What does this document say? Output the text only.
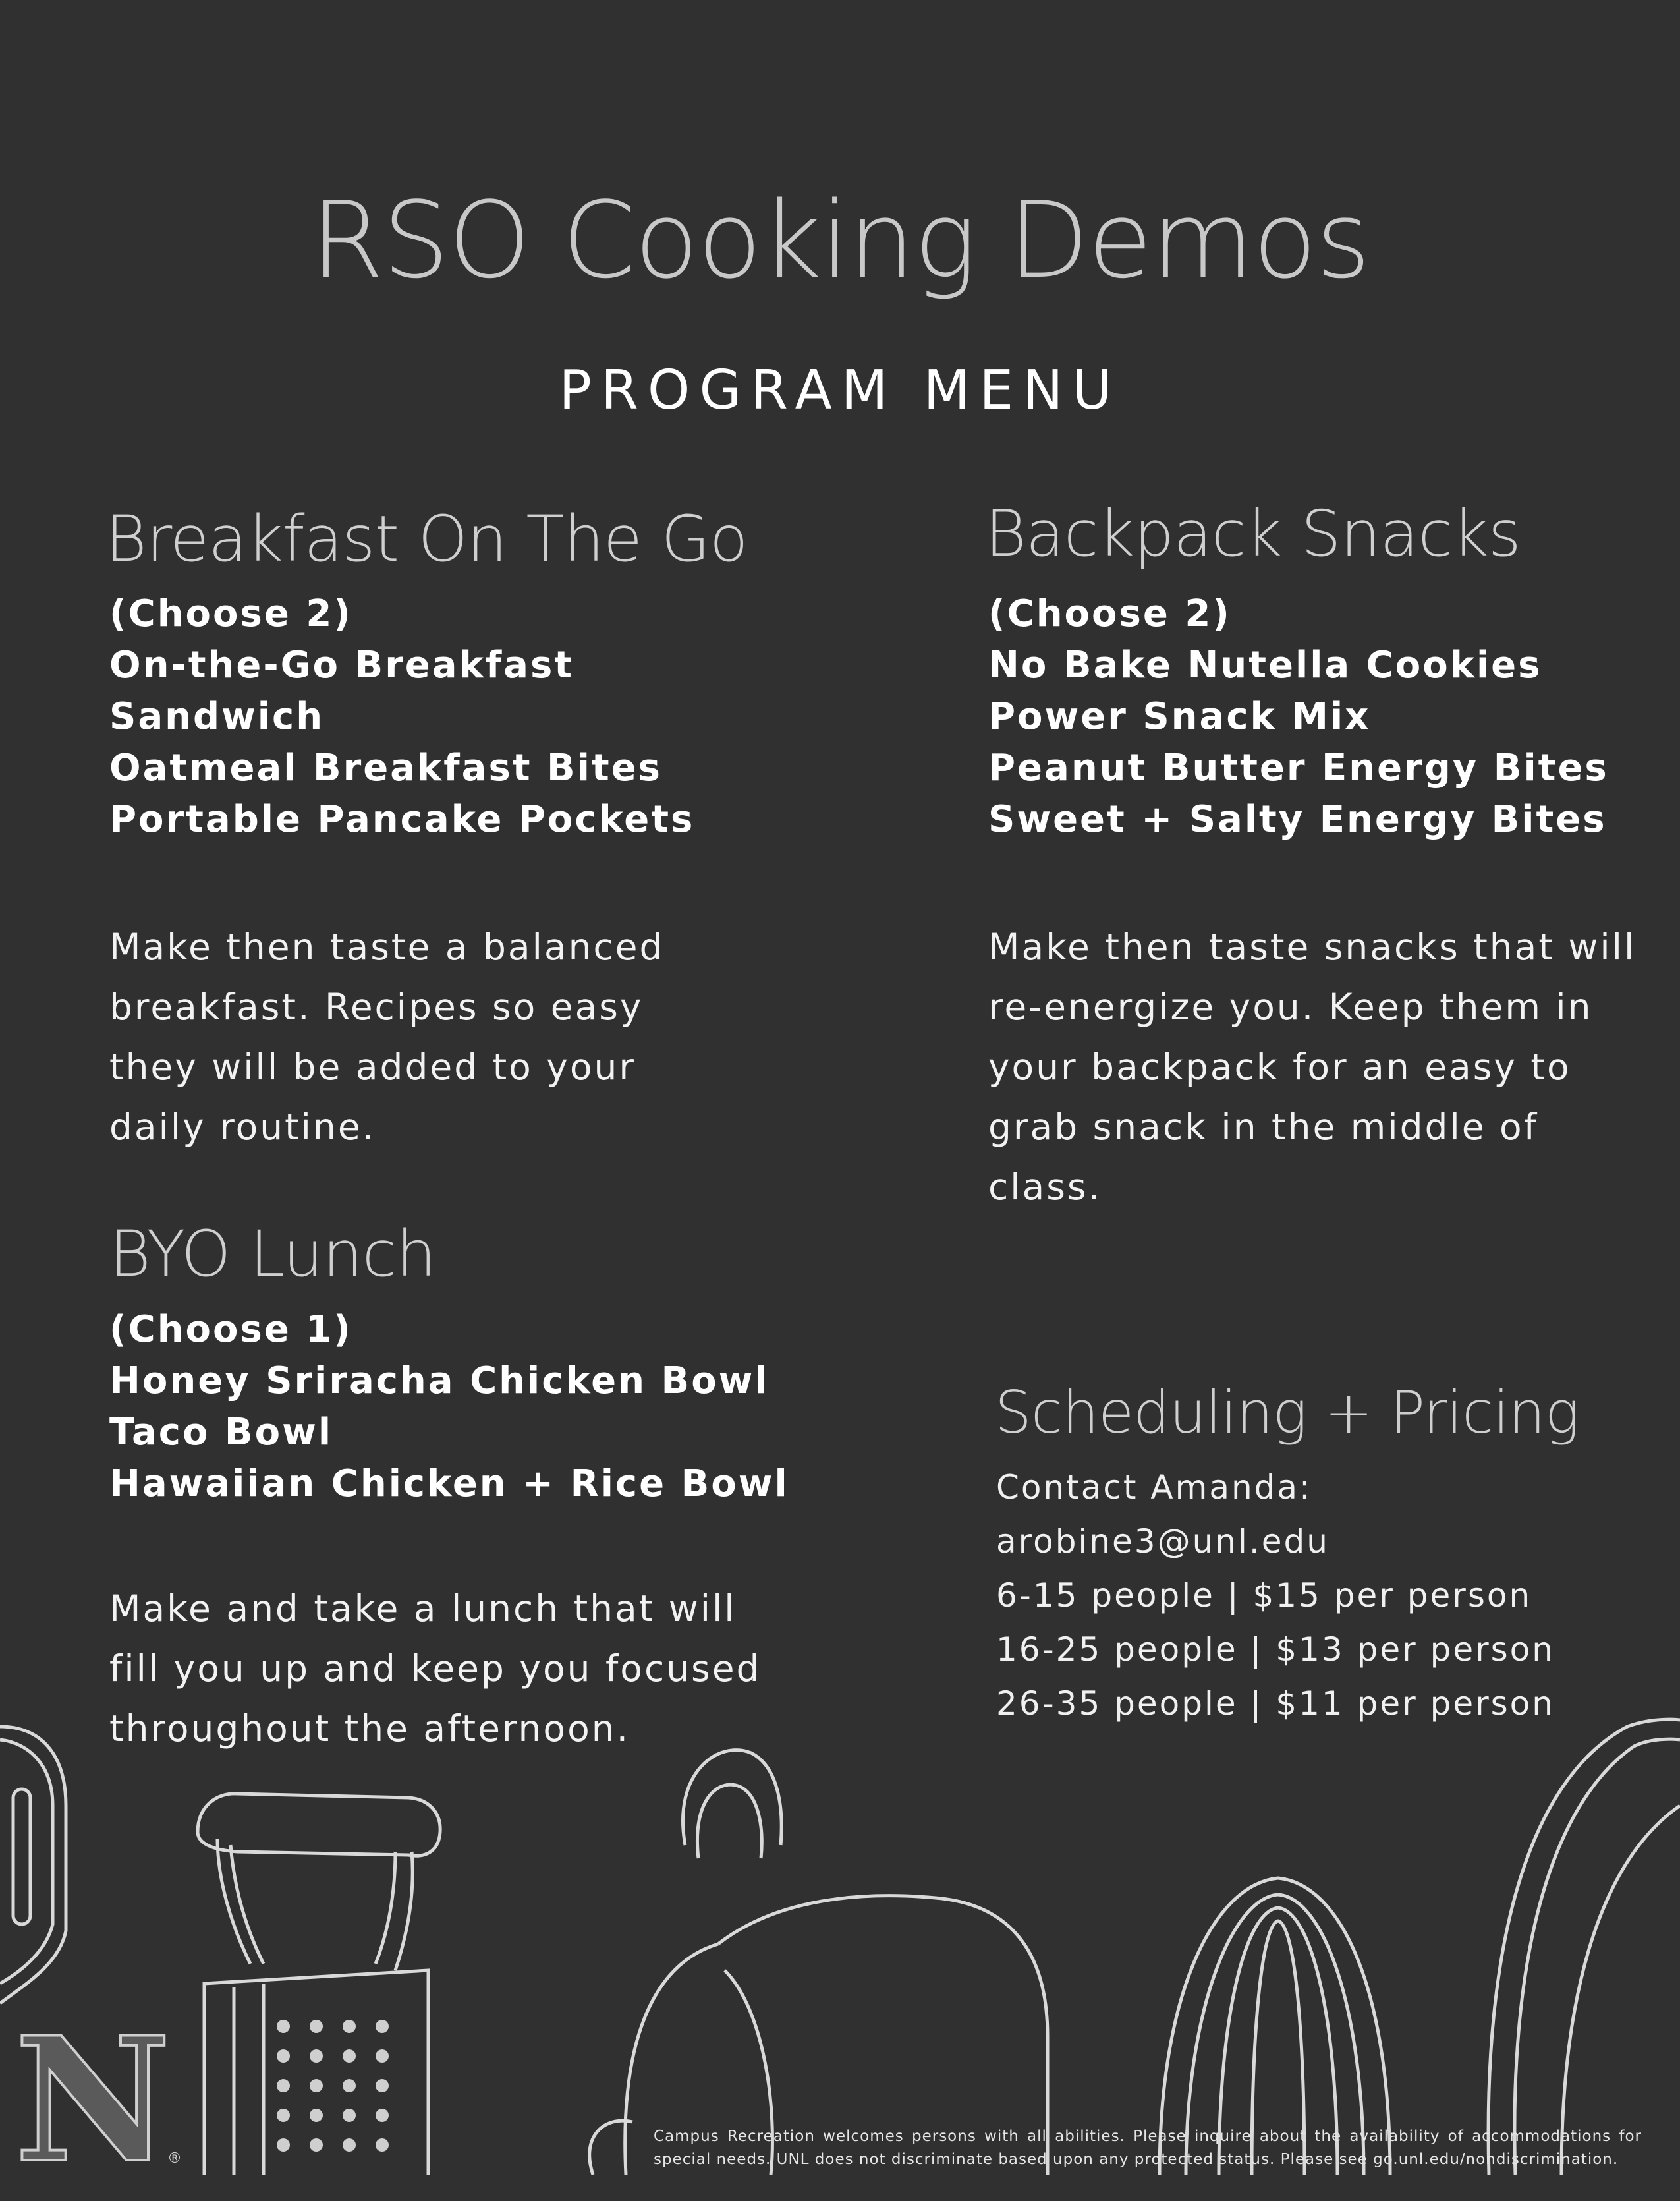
N
®
RSO Cooking Demos
PROGRAM MENU
Breakfast On The Go
(Choose 2)
On-the-Go Breakfast
Sandwich
Oatmeal Breakfast Bites
Portable Pancake Pockets
Make then taste a balanced
breakfast. Recipes so easy
they will be added to your
daily routine.
Backpack Snacks
(Choose 2)
No Bake Nutella Cookies
Power Snack Mix
Peanut Butter Energy Bites
Sweet + Salty Energy Bites
Make then taste snacks that will
re-energize you. Keep them in
your backpack for an easy to
grab snack in the middle of
class.
BYO Lunch
(Choose 1)
Honey Sriracha Chicken Bowl
Taco Bowl
Hawaiian Chicken + Rice Bowl
Make and take a lunch that will
fill you up and keep you focused
throughout the afternoon.
Scheduling + Pricing
Contact Amanda:
arobine3@unl.edu
6-15 people | $15 per person
16-25 people | $13 per person
26-35 people | $11 per person
Campus Recreation welcomes persons with all abilities. Please inquire about the availability of accommodations for special needs. UNL does not discriminate based upon any protected status. Please see go.unl.edu/nondiscrimination.
